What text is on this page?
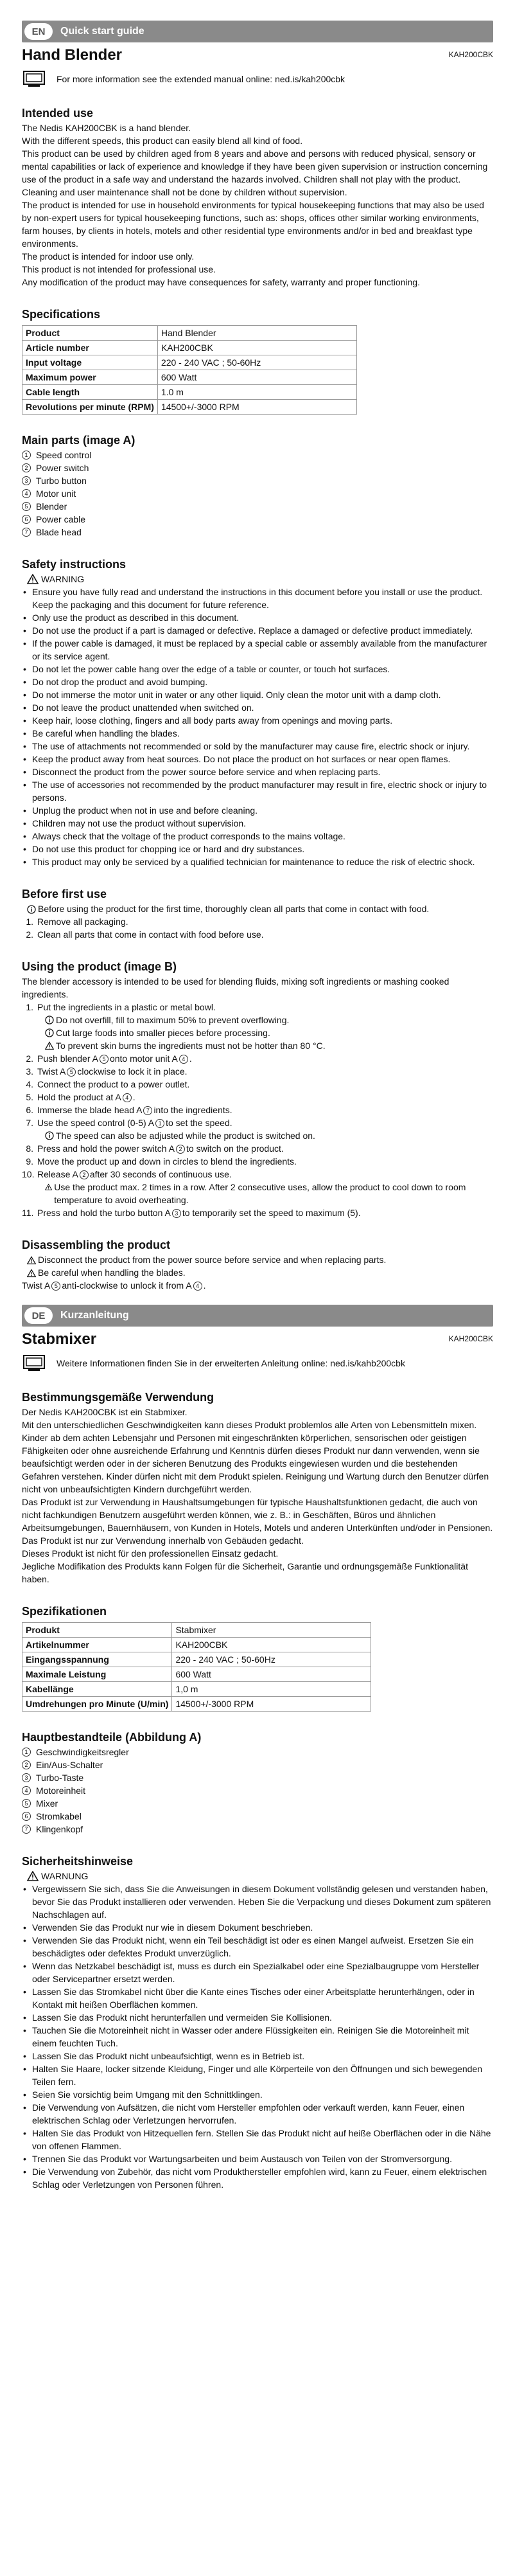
EN	Quick start guide
Hand Blender	KAH200CBK
For more information see the extended manual online: ned.is/kah200cbk
Intended use

The Nedis KAH200CBK is a hand blender.

With the different speeds, this product can easily blend all kind of food.

This product can be used by children aged from 8 years and above and persons with reduced physical, sensory or mental capabilities or lack of experience and knowledge if they have been given supervision or instruction concerning use of the product in a safe way and understand the hazards involved. Children shall not play with the product. Cleaning and user maintenance shall not be done by children without supervision.

The product is intended for use in household environments for typical housekeeping functions that may also be used by non-expert users for typical housekeeping functions, such as: shops, offices other similar working environments, farm houses, by clients in hotels, motels and other residential type environments and/or in bed and breakfast type environments.

The product is intended for indoor use only.

This product is not intended for professional use.

Any modification of the product may have consequences for safety, warranty and proper functioning.

Specifications
Product	Hand Blender
Article number	KAH200CBK
Input voltage	220 - 240 VAC ; 50-60Hz
Maximum power	600 Watt
Cable length	1.0 m
Revolutions per minute (RPM)	14500+/-3000 RPM
Main parts (image A)
1 Speed control
2 Power switch
3 Turbo button
4 Motor unit
5 Blender
6 Power cable
7 Blade head
Safety instructions
WARNING
• Ensure you have fully read and understand the instructions in this document before you install or use the product. Keep the packaging and this document for future reference.
• Only use the product as described in this document.
• Do not use the product if a part is damaged or defective. Replace a damaged or defective product immediately.
• If the power cable is damaged, it must be replaced by a special cable or assembly available from the manufacturer or its service agent.
• Do not let the power cable hang over the edge of a table or counter, or touch hot surfaces.
• Do not drop the product and avoid bumping.
• Do not immerse the motor unit in water or any other liquid. Only clean the motor unit with a damp cloth.
• Do not leave the product unattended when switched on.
• Keep hair, loose clothing, fingers and all body parts away from openings and moving parts.
• Be careful when handling the blades.
• The use of attachments not recommended or sold by the manufacturer may cause fire, electric shock or injury.
• Keep the product away from heat sources. Do not place the product on hot surfaces or near open flames.
• Disconnect the product from the power source before service and when replacing parts.
• The use of accessories not recommended by the product manufacturer may result in fire, electric shock or injury to persons.
• Unplug the product when not in use and before cleaning.
• Children may not use the product without supervision.
• Always check that the voltage of the product corresponds to the mains voltage.
• Do not use this product for chopping ice or hard and dry substances.
• This product may only be serviced by a qualified technician for maintenance to reduce the risk of electric shock.
Before first use
Before using the product for the first time, thoroughly clean all parts that come in contact with food.
1. Remove all packaging.
2. Clean all parts that come in contact with food before use.
Using the product (image B)

The blender accessory is intended to be used for blending fluids, mixing soft ingredients or mashing cooked ingredients.

1. Put the ingredients in a plastic or metal bowl.
Do not overfill, fill to maximum 50% to prevent overflowing.
Cut large foods into smaller pieces before processing.
To prevent skin burns the ingredients must not be hotter than 80 °C.
2. Push blender A 5 onto motor unit A 4 .
3. Twist A 5 clockwise to lock it in place.
4. Connect the product to a power outlet.
5. Hold the product at A 4 .
6. Immerse the blade head A 7 into the ingredients.
7. Use the speed control (0-5) A 1 to set the speed.
The speed can also be adjusted while the product is switched on.
8. Press and hold the power switch A 2 to switch on the product.
9. Move the product up and down in circles to blend the ingredients.
10. Release A 2 after 30 seconds of continuous use.
Use the product max. 2 times in a row. After 2 consecutive uses, allow the product to cool down to room temperature to avoid overheating.
11. Press and hold the turbo button A 3 to temporarily set the speed to maximum (5).
Disassembling the product
Disconnect the product from the power source before service and when replacing parts.
Be careful when handling the blades.
Twist A 5 anti-clockwise to unlock it from A 4 .
DE	Kurzanleitung
Stabmixer	KAH200CBK
Weitere Informationen finden Sie in der erweiterten Anleitung online: ned.is/kahb200cbk
Bestimmungsgemäße Verwendung

Der Nedis KAH200CBK ist ein Stabmixer.

Mit den unterschiedlichen Geschwindigkeiten kann dieses Produkt problemlos alle Arten von Lebensmitteln mixen.

Kinder ab dem achten Lebensjahr und Personen mit eingeschränkten körperlichen, sensorischen oder geistigen Fähigkeiten oder ohne ausreichende Erfahrung und Kenntnis dürfen dieses Produkt nur dann verwenden, wenn sie beaufsichtigt werden oder in der sicheren Benutzung des Produkts eingewiesen wurden und die bestehenden Gefahren verstehen. Kinder dürfen nicht mit dem Produkt spielen. Reinigung und Wartung durch den Benutzer dürfen nicht von unbeaufsichtigten Kindern durchgeführt werden.

Das Produkt ist zur Verwendung in Haushaltsumgebungen für typische Haushaltsfunktionen gedacht, die auch von nicht fachkundigen Benutzern ausgeführt werden können, wie z. B.: in Geschäften, Büros und ähnlichen Arbeitsumgebungen, Bauernhäusern, von Kunden in Hotels, Motels und anderen Unterkünften und/oder in Pensionen.

Das Produkt ist nur zur Verwendung innerhalb von Gebäuden gedacht.

Dieses Produkt ist nicht für den professionellen Einsatz gedacht.

Jegliche Modifikation des Produkts kann Folgen für die Sicherheit, Garantie und ordnungsgemäße Funktionalität haben.

Spezifikationen
Produkt	Stabmixer
Artikelnummer	KAH200CBK
Eingangsspannung	220 - 240 VAC ; 50-60Hz
Maximale Leistung	600 Watt
Kabellänge	1,0 m
Umdrehungen pro Minute (U/min)	14500+/-3000 RPM
Hauptbestandteile (Abbildung A)
1 Geschwindigkeitsregler
2 Ein/Aus-Schalter
3 Turbo-Taste
4 Motoreinheit
5 Mixer
6 Stromkabel
7 Klingenkopf
Sicherheitshinweise
WARNUNG
• Vergewissern Sie sich, dass Sie die Anweisungen in diesem Dokument vollständig gelesen und verstanden haben, bevor Sie das Produkt installieren oder verwenden. Heben Sie die Verpackung und dieses Dokument zum späteren Nachschlagen auf.
• Verwenden Sie das Produkt nur wie in diesem Dokument beschrieben.
• Verwenden Sie das Produkt nicht, wenn ein Teil beschädigt ist oder es einen Mangel aufweist. Ersetzen Sie ein beschädigtes oder defektes Produkt unverzüglich.
• Wenn das Netzkabel beschädigt ist, muss es durch ein Spezialkabel oder eine Spezialbaugruppe vom Hersteller oder Servicepartner ersetzt werden.
• Lassen Sie das Stromkabel nicht über die Kante eines Tisches oder einer Arbeitsplatte herunterhängen, oder in Kontakt mit heißen Oberflächen kommen.
• Lassen Sie das Produkt nicht herunterfallen und vermeiden Sie Kollisionen.
• Tauchen Sie die Motoreinheit nicht in Wasser oder andere Flüssigkeiten ein. Reinigen Sie die Motoreinheit mit einem feuchten Tuch.
• Lassen Sie das Produkt nicht unbeaufsichtigt, wenn es in Betrieb ist.
• Halten Sie Haare, locker sitzende Kleidung, Finger und alle Körperteile von den Öffnungen und sich bewegenden Teilen fern.
• Seien Sie vorsichtig beim Umgang mit den Schnittklingen.
• Die Verwendung von Aufsätzen, die nicht vom Hersteller empfohlen oder verkauft werden, kann Feuer, einen elektrischen Schlag oder Verletzungen hervorrufen.
• Halten Sie das Produkt von Hitzequellen fern. Stellen Sie das Produkt nicht auf heiße Oberflächen oder in die Nähe von offenen Flammen.
• Trennen Sie das Produkt vor Wartungsarbeiten und beim Austausch von Teilen von der Stromversorgung.
• Die Verwendung von Zubehör, das nicht vom Produkthersteller empfohlen wird, kann zu Feuer, einem elektrischen Schlag oder Verletzungen von Personen führen.
